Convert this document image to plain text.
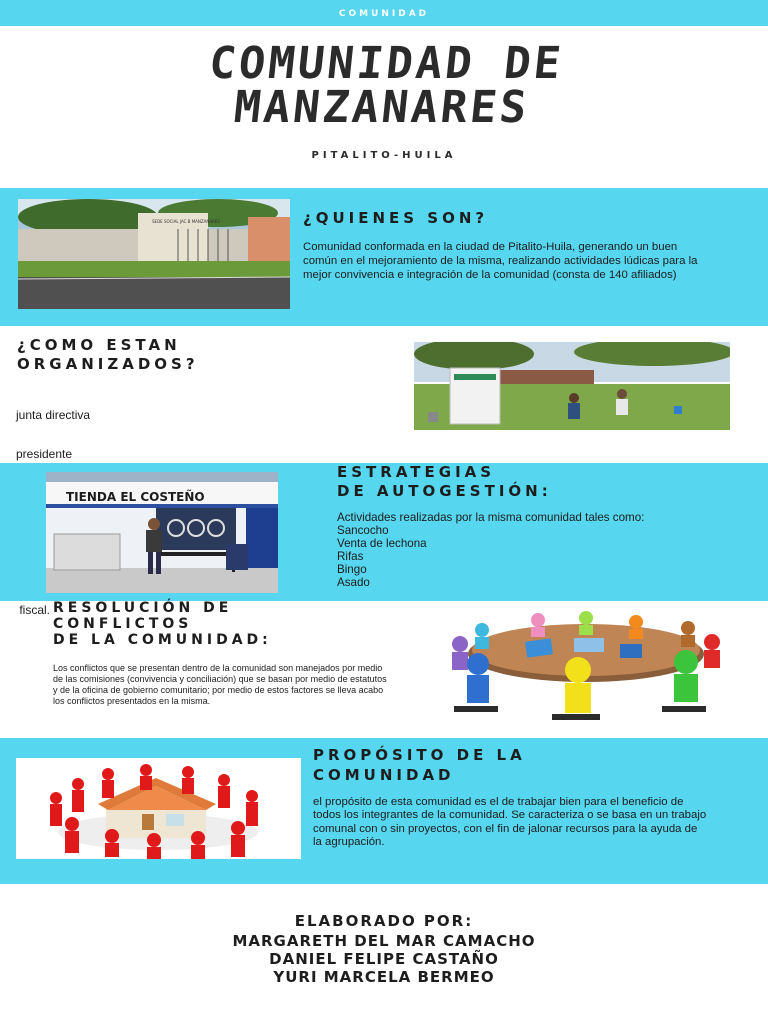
COMUNIDAD
COMUNIDAD DE
MANZANARES
PITALITO-HUILA
SEDE SOCIAL JAC B MANZANARES	¿QUIENES SON?
Comunidad conformada en la ciudad de Pitalito-Huila, generando un buen común en el mejoramiento de la misma, realizando actividades lúdicas para la mejor convivencia e integración de la comunidad (consta de 140 afiliados)
¿COMO ESTAN
ORGANIZADOS?

junta directiva

presidente

fiscal.

TIENDA EL COSTEÑO
ESTRATEGIAS
DE AUTOGESTIÓN:
Actividades realizadas por la misma comunidad tales como:
Sancocho
Venta de lechona
Rifas
Bingo
Asado
RESOLUCIÓN DE
CONFLICTOS
DE LA COMUNIDAD:
Los conflictos que se presentan dentro de la comunidad son manejados por medio de las comisiones (convivencia y conciliación) que se basan por medio de estatutos y de la oficina de gobierno comunitario; por medio de estos factores se lleva acabo los conflictos presentados en la misma.
PROPÓSITO DE LA
COMUNIDAD
el propósito de esta comunidad es el de trabajar bien para el beneficio de todos los integrantes de la comunidad. Se caracteriza o se basa en un trabajo comunal con o sin proyectos, con el fin de jalonar recursos para la ayuda de la agrupación.
ELABORADO POR:
MARGARETH DEL MAR CAMACHO
DANIEL FELIPE CASTAÑO
YURI MARCELA BERMEO
